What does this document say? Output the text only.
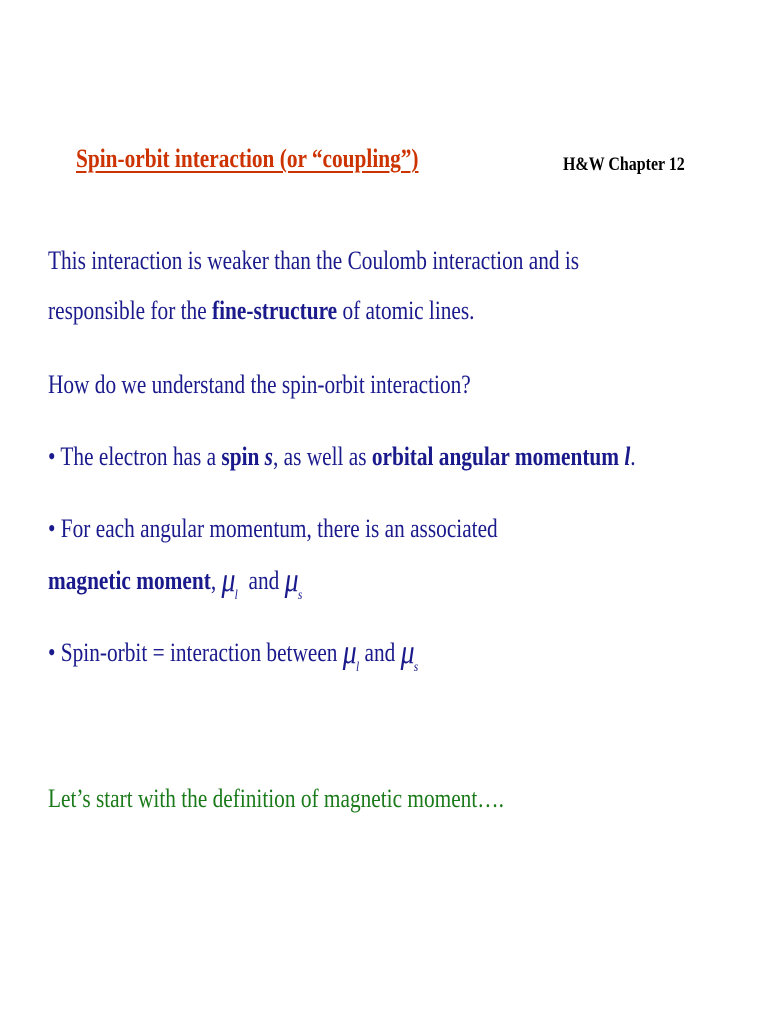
Spin-orbit interaction (or “coupling”)	H&W Chapter 12
This interaction is weaker than the Coulomb interaction and is
responsible for the fine-structure of atomic lines.
How do we understand the spin-orbit interaction?
• The electron has a spin s, as well as orbital angular momentum l.
• For each angular momentum, there is an associated
magnetic moment, $\mu_l$  and $\mu_s$
• Spin-orbit = interaction between $\mu_l$ and $\mu_s$
Let’s start with the definition of magnetic moment….
